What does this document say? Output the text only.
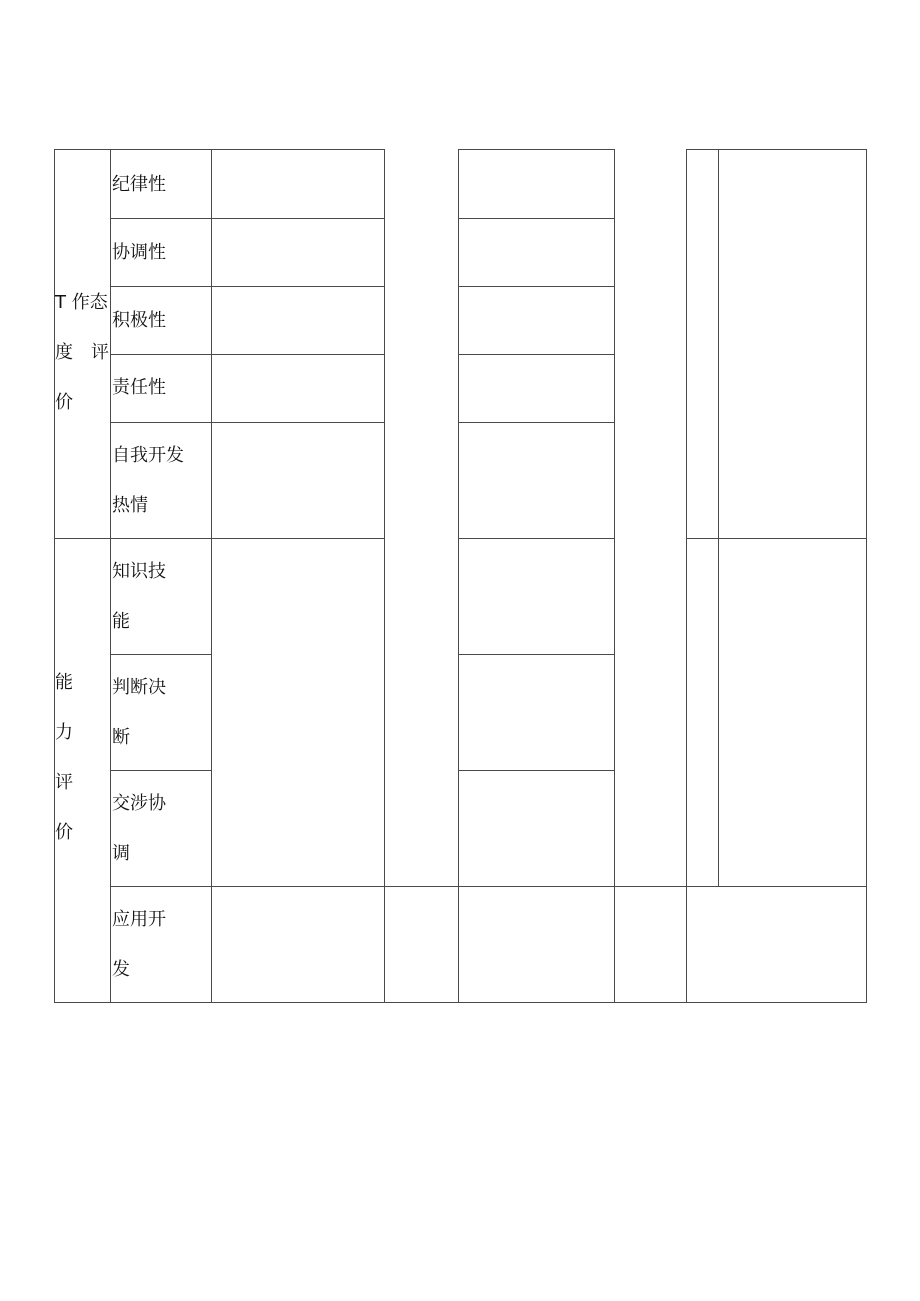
T 作态
度　评
价
能
力
评
价
纪律性
协调性
积极性
责任性
自我开发
热情
知识技
能
判断决
断
交涉协
调
应用开
发
